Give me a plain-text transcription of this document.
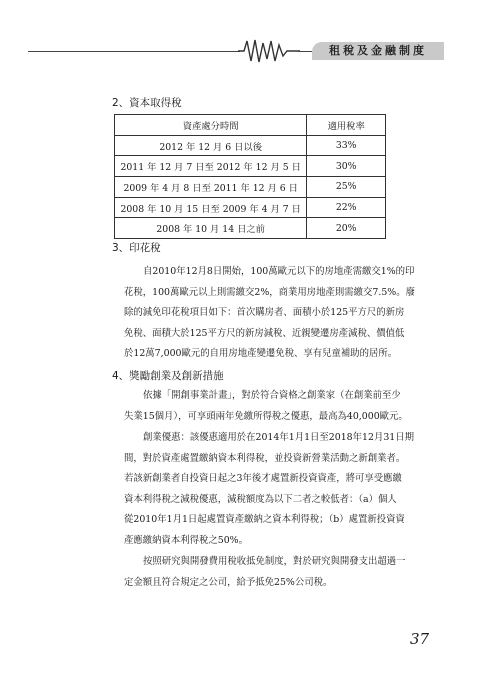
租稅及金融制度
2、資本取得稅
資產處分時間	適用稅率
2012 年 12 月 6 日以後	33%
2011 年 12 月 7 日至 2012 年 12 月 5 日	30%
2009 年 4 月 8 日至 2011 年 12 月 6 日	25%
2008 年 10 月 15 日至 2009 年 4 月 7 日	22%
2008 年 10 月 14 日之前	20%
3、印花稅
自2010年12月8日開始，100萬歐元以下的房地產需繳交1%的印
花稅，100萬歐元以上則需繳交2%，商業用房地產則需繳交7.5%。廢
除的減免印花稅項目如下：首次購房者、面積小於125平方尺的新房
免稅、面積大於125平方尺的新房減稅、近親變遷房產減稅、價值低
於12萬7,000歐元的自用房地產變遷免稅、享有兒童補助的居所。
4、獎勵創業及創新措施
依據「開創事業計畫」，對於符合資格之創業家（在創業前至少
失業15個月），可享頭兩年免繳所得稅之優惠，最高為40,000歐元。
創業優惠：該優惠適用於在2014年1月1日至2018年12月31日期
間，對於資產處置繳納資本利得稅，並投資新營業活動之新創業者。
若該新創業者自投資日起之3年後才處置新投資資產，將可享受應繳
資本利得稅之減稅優惠，減稅額度為以下二者之較低者：（a）個人
從2010年1月1日起處置資產繳納之資本利得稅；（b）處置新投資資
產應繳納資本利得稅之50%。
按照研究與開發費用稅收抵免制度，對於研究與開發支出超過一
定金額且符合規定之公司，給予抵免25%公司稅。
37
